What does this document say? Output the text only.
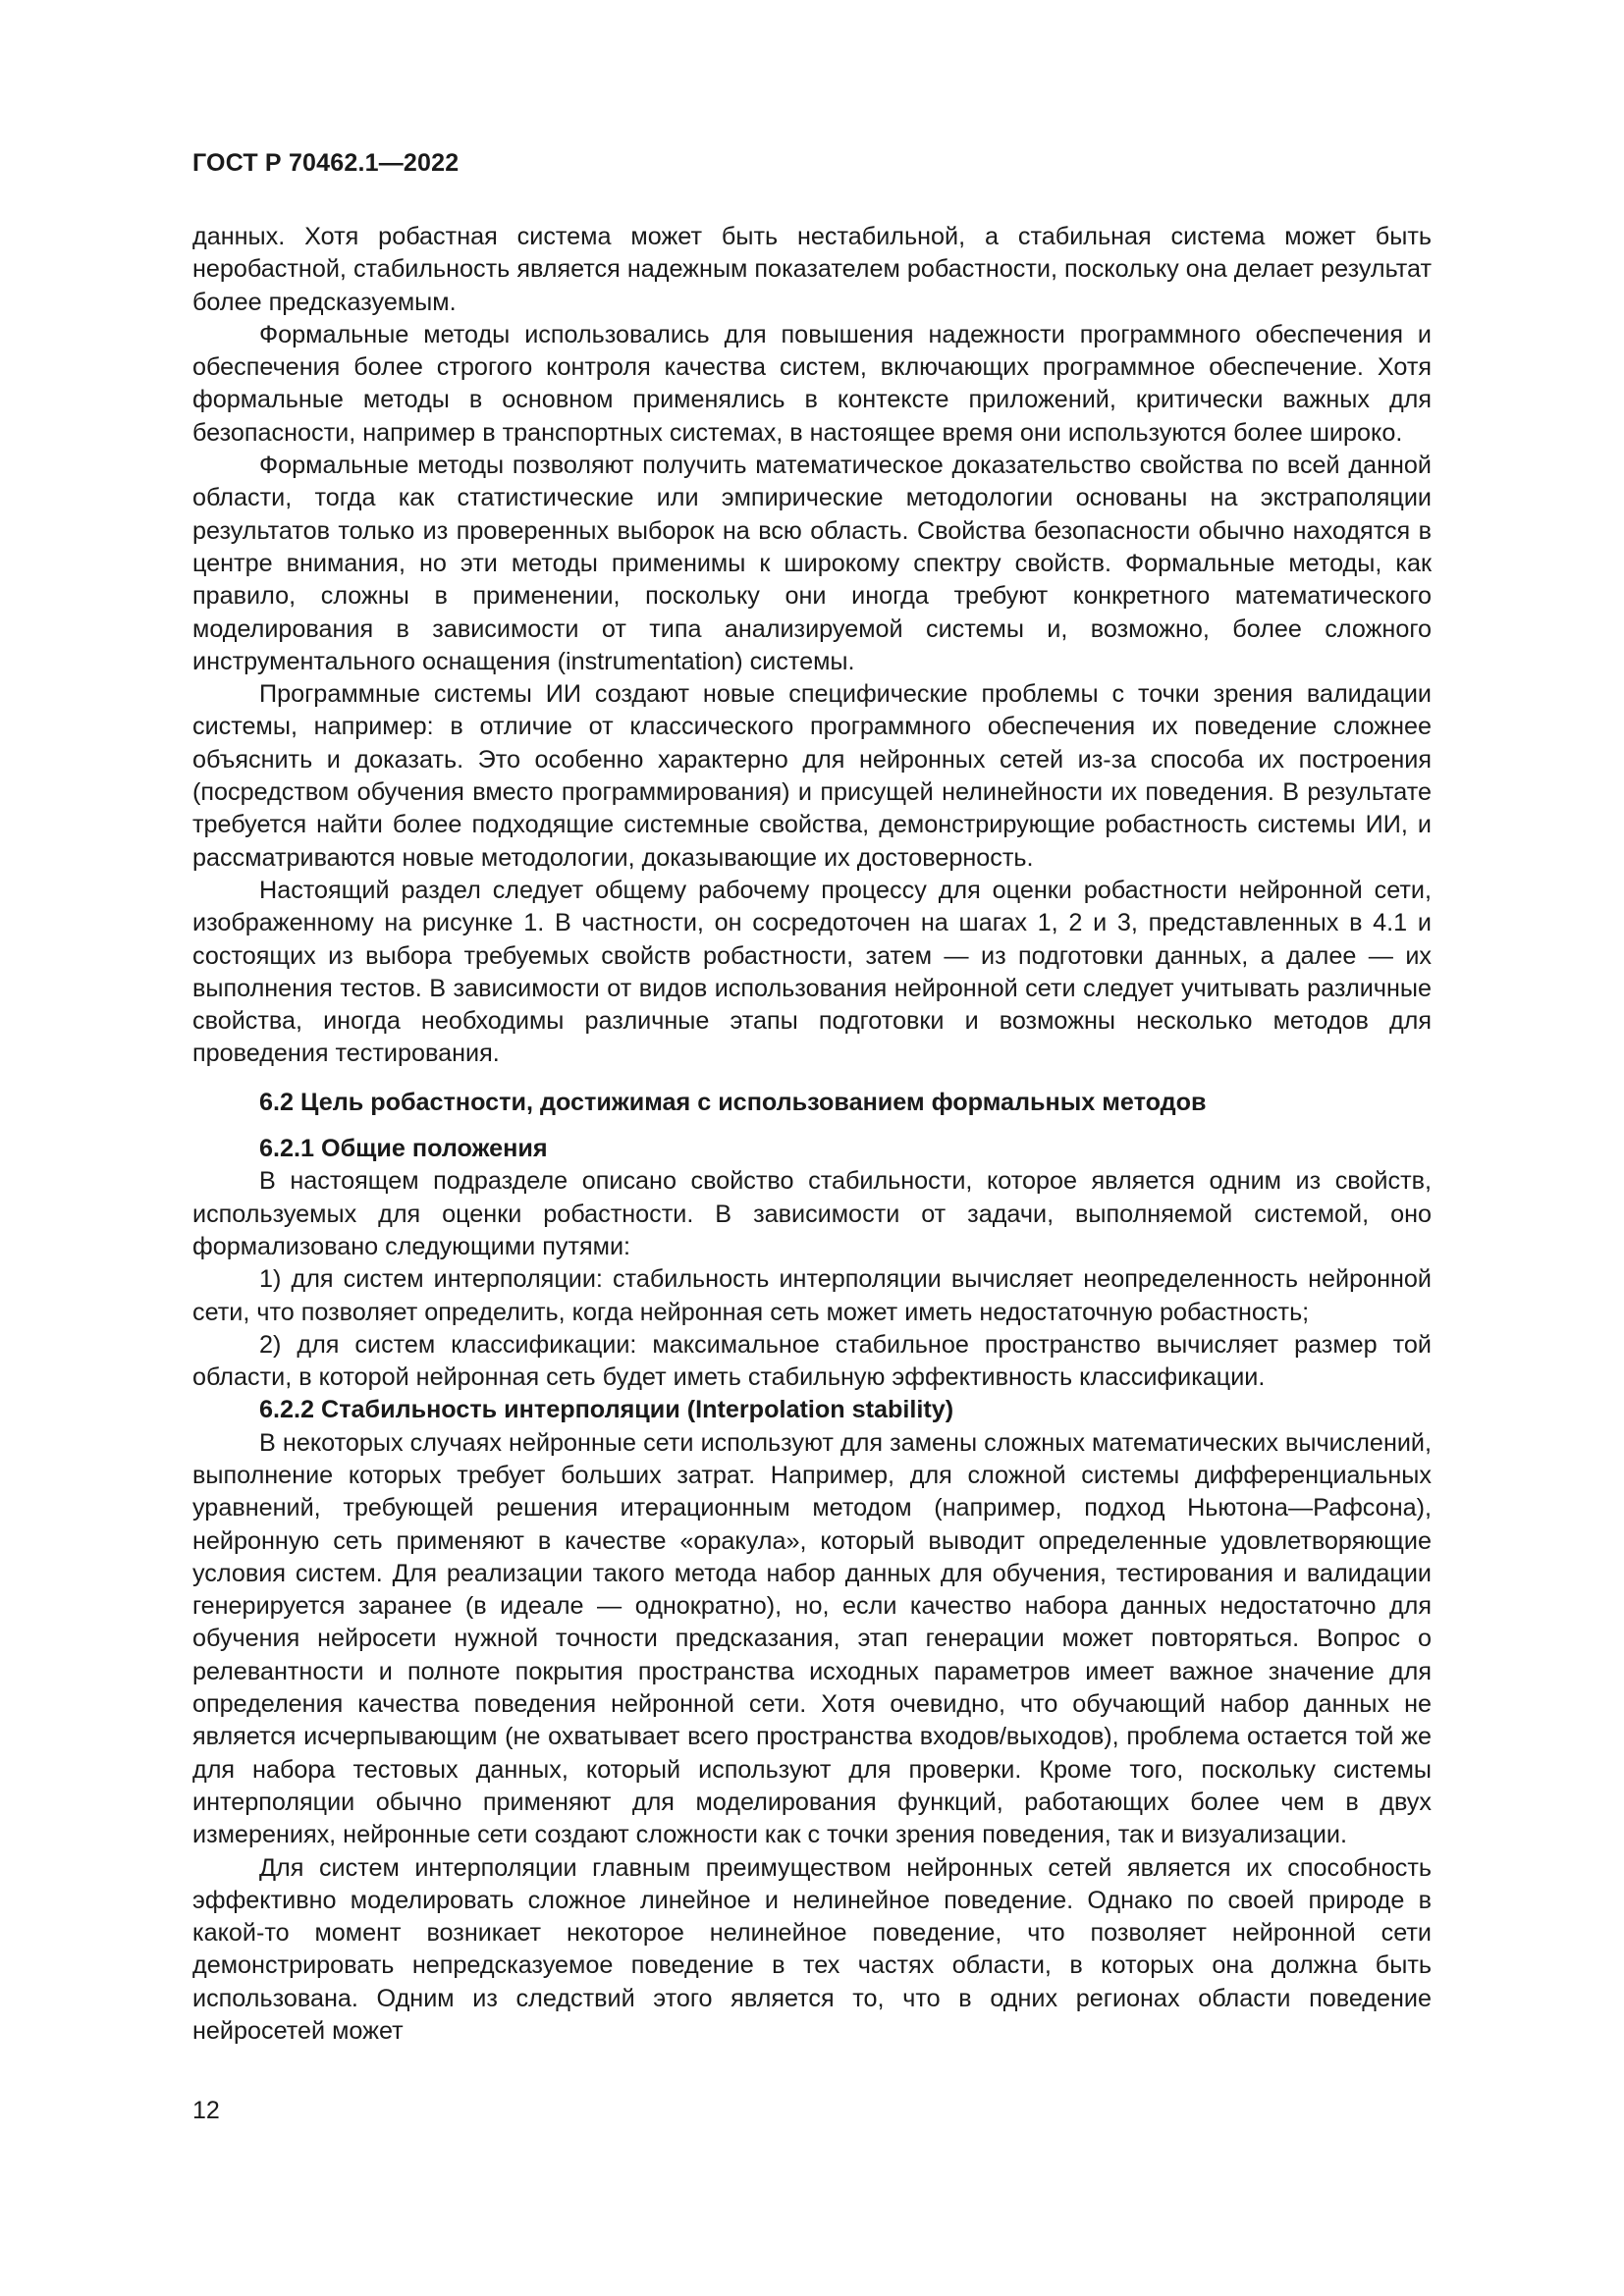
ГОСТ Р 70462.1—2022

данных. Хотя робастная система может быть нестабильной, а стабильная система может быть неробастной, стабильность является надежным показателем робастности, поскольку она делает результат более предсказуемым.

Формальные методы использовались для повышения надежности программного обеспечения и обеспечения более строгого контроля качества систем, включающих программное обеспечение. Хотя формальные методы в основном применялись в контексте приложений, критически важных для безопасности, например в транспортных системах, в настоящее время они используются более широко.

Формальные методы позволяют получить математическое доказательство свойства по всей данной области, тогда как статистические или эмпирические методологии основаны на экстраполяции результатов только из проверенных выборок на всю область. Свойства безопасности обычно находятся в центре внимания, но эти методы применимы к широкому спектру свойств. Формальные методы, как правило, сложны в применении, поскольку они иногда требуют конкретного математического моделирования в зависимости от типа анализируемой системы и, возможно, более сложного инструментального оснащения (instrumentation) системы.

Программные системы ИИ создают новые специфические проблемы с точки зрения валидации системы, например: в отличие от классического программного обеспечения их поведение сложнее объяснить и доказать. Это особенно характерно для нейронных сетей из-за способа их построения (посредством обучения вместо программирования) и присущей нелинейности их поведения. В результате требуется найти более подходящие системные свойства, демонстрирующие робастность системы ИИ, и рассматриваются новые методологии, доказывающие их достоверность.

Настоящий раздел следует общему рабочему процессу для оценки робастности нейронной сети, изображенному на рисунке 1. В частности, он сосредоточен на шагах 1, 2 и 3, представленных в 4.1 и состоящих из выбора требуемых свойств робастности, затем — из подготовки данных, а далее — их выполнения тестов. В зависимости от видов использования нейронной сети следует учитывать различные свойства, иногда необходимы различные этапы подготовки и возможны несколько методов для проведения тестирования.

6.2 Цель робастности, достижимая с использованием формальных методов
6.2.1 Общие положения

В настоящем подразделе описано свойство стабильности, которое является одним из свойств, используемых для оценки робастности. В зависимости от задачи, выполняемой системой, оно формализовано следующими путями:

1) для систем интерполяции: стабильность интерполяции вычисляет неопределенность нейронной сети, что позволяет определить, когда нейронная сеть может иметь недостаточную робастность;

2) для систем классификации: максимальное стабильное пространство вычисляет размер той области, в которой нейронная сеть будет иметь стабильную эффективность классификации.

6.2.2 Стабильность интерполяции (Interpolation stability)

В некоторых случаях нейронные сети используют для замены сложных математических вычислений, выполнение которых требует больших затрат. Например, для сложной системы дифференциальных уравнений, требующей решения итерационным методом (например, подход Ньютона—Рафсона), нейронную сеть применяют в качестве «оракула», который выводит определенные удовлетворяющие условия систем. Для реализации такого метода набор данных для обучения, тестирования и валидации генерируется заранее (в идеале — однократно), но, если качество набора данных недостаточно для обучения нейросети нужной точности предсказания, этап генерации может повторяться. Вопрос о релевантности и полноте покрытия пространства исходных параметров имеет важное значение для определения качества поведения нейронной сети. Хотя очевидно, что обучающий набор данных не является исчерпывающим (не охватывает всего пространства входов/выходов), проблема остается той же для набора тестовых данных, который используют для проверки. Кроме того, поскольку системы интерполяции обычно применяют для моделирования функций, работающих более чем в двух измерениях, нейронные сети создают сложности как с точки зрения поведения, так и визуализации.

Для систем интерполяции главным преимуществом нейронных сетей является их способность эффективно моделировать сложное линейное и нелинейное поведение. Однако по своей природе в какой-то момент возникает некоторое нелинейное поведение, что позволяет нейронной сети демонстрировать непредсказуемое поведение в тех частях области, в которых она должна быть использована. Одним из следствий этого является то, что в одних регионах области поведение нейросетей может

12
